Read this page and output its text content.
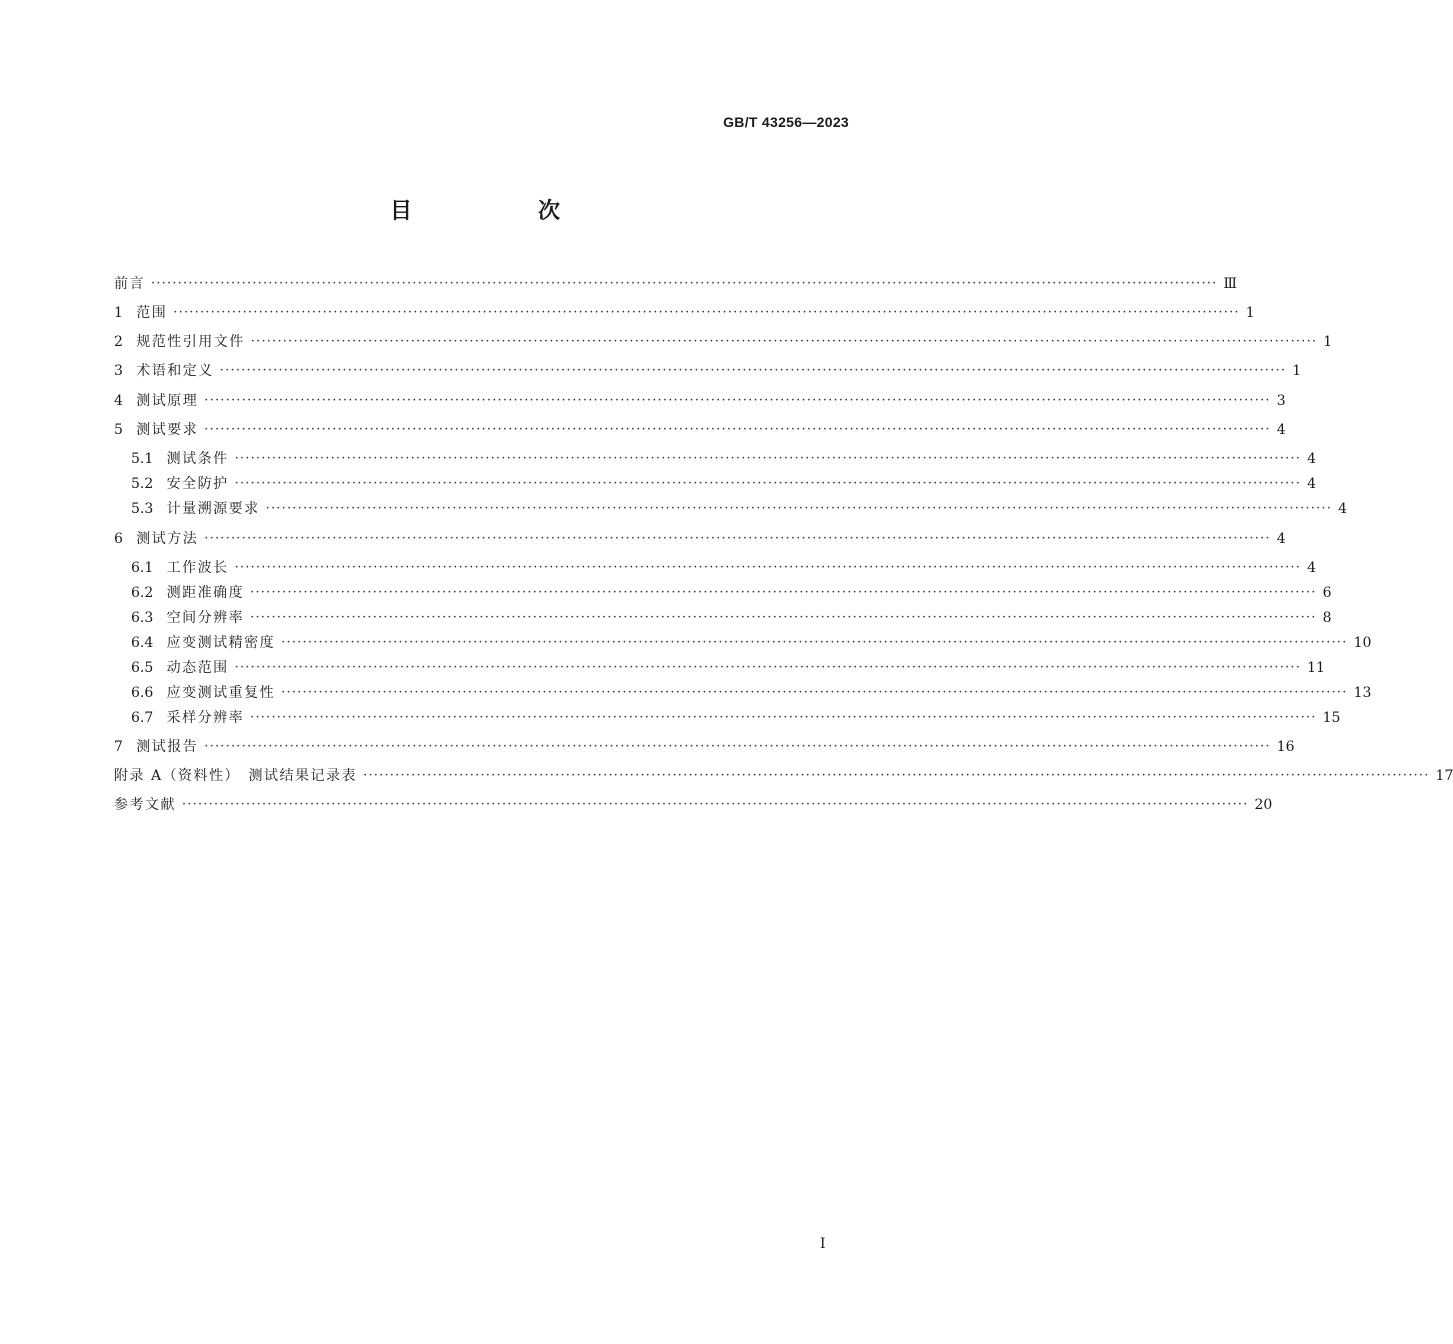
GB/T 43256—2023
目　次
前言 ········································································································································································································ Ⅲ
1
范围 ········································································································································································································ 1
2
规范性引用文件 ········································································································································································································ 1
3
术语和定义 ········································································································································································································ 1
4
测试原理 ········································································································································································································ 3
5
测试要求 ········································································································································································································ 4
5.1
测试条件 ········································································································································································································ 4
5.2
安全防护 ········································································································································································································ 4
5.3
计量溯源要求 ········································································································································································································ 4
6
测试方法 ········································································································································································································ 4
6.1
工作波长 ········································································································································································································ 4
6.2
测距准确度 ········································································································································································································ 6
6.3
空间分辨率 ········································································································································································································ 8
6.4
应变测试精密度 ········································································································································································································ 10
6.5
动态范围 ········································································································································································································ 11
6.6
应变测试重复性 ········································································································································································································ 13
6.7
采样分辨率 ········································································································································································································ 15
7
测试报告 ········································································································································································································ 16
附录 A（资料性）　测试结果记录表 ········································································································································································································ 17
参考文献 ········································································································································································································ 20
I
